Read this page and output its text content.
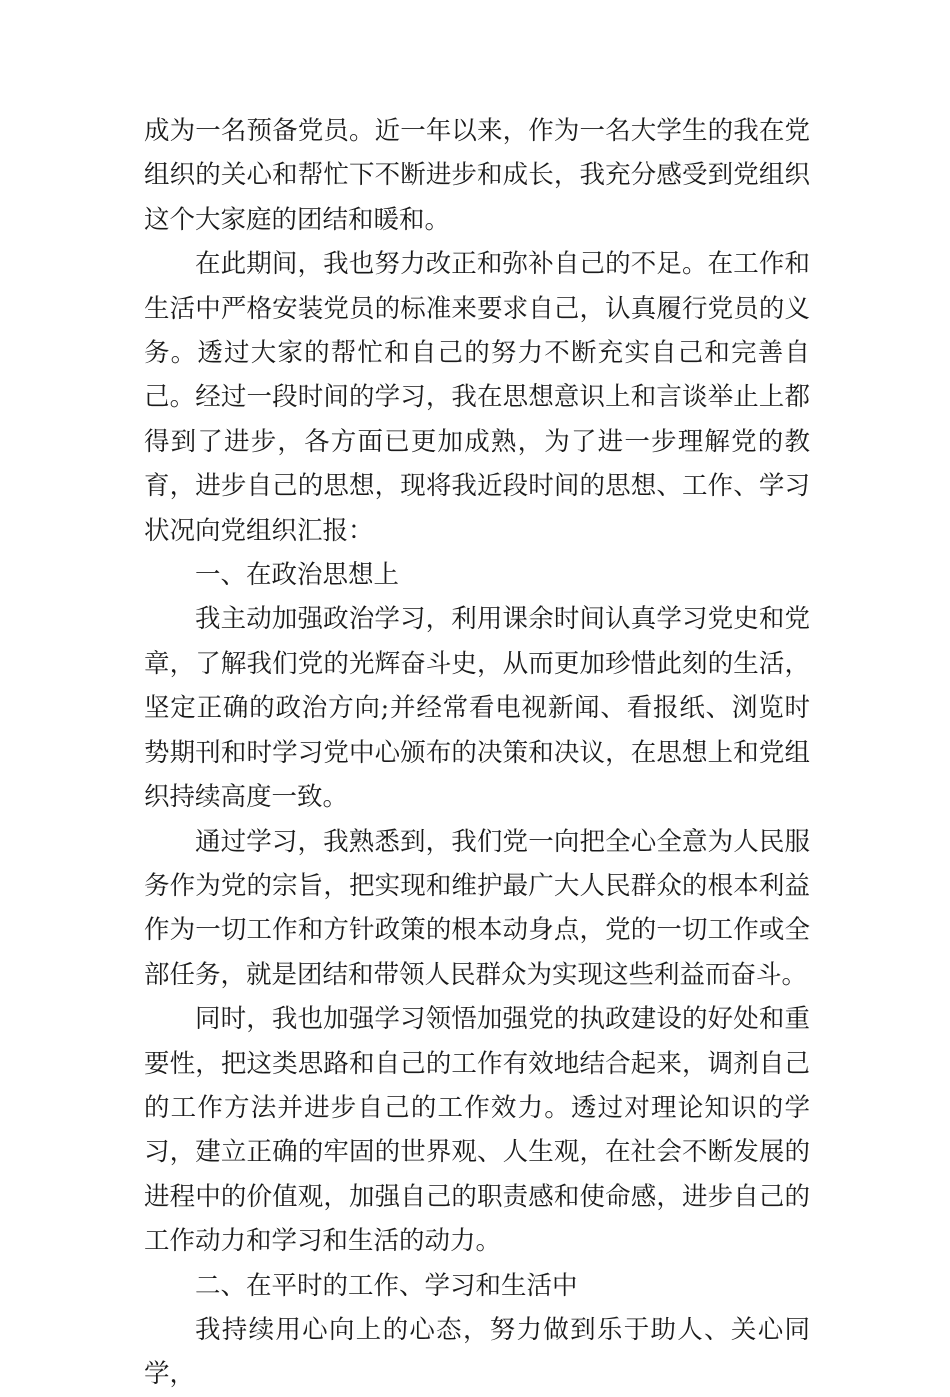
成为一名预备党员。近一年以来，作为一名大学生的我在党组织的关心和帮忙下不断进步和成长，我充分感受到党组织这个大家庭的团结和暖和。

在此期间，我也努力改正和弥补自己的不足。在工作和生活中严格安装党员的标准来要求自己，认真履行党员的义务。透过大家的帮忙和自己的努力不断充实自己和完善自己。经过一段时间的学习，我在思想意识上和言谈举止上都得到了进步，各方面已更加成熟，为了进一步理解党的教育，进步自己的思想，现将我近段时间的思想、工作、学习状况向党组织汇报：

一、在政治思想上

我主动加强政治学习，利用课余时间认真学习党史和党章，了解我们党的光辉奋斗史，从而更加珍惜此刻的生活，坚定正确的政治方向;并经常看电视新闻、看报纸、浏览时势期刊和时学习党中心颁布的决策和决议，在思想上和党组织持续高度一致。

通过学习，我熟悉到，我们党一向把全心全意为人民服务作为党的宗旨，把实现和维护最广大人民群众的根本利益作为一切工作和方针政策的根本动身点，党的一切工作或全部任务，就是团结和带领人民群众为实现这些利益而奋斗。

同时，我也加强学习领悟加强党的执政建设的好处和重要性，把这类思路和自己的工作有效地结合起来，调剂自己的工作方法并进步自己的工作效力。透过对理论知识的学习，建立正确的牢固的世界观、人生观，在社会不断发展的进程中的价值观，加强自己的职责感和使命感，进步自己的工作动力和学习和生活的动力。

二、在平时的工作、学习和生活中

我持续用心向上的心态，努力做到乐于助人、关心同学，
